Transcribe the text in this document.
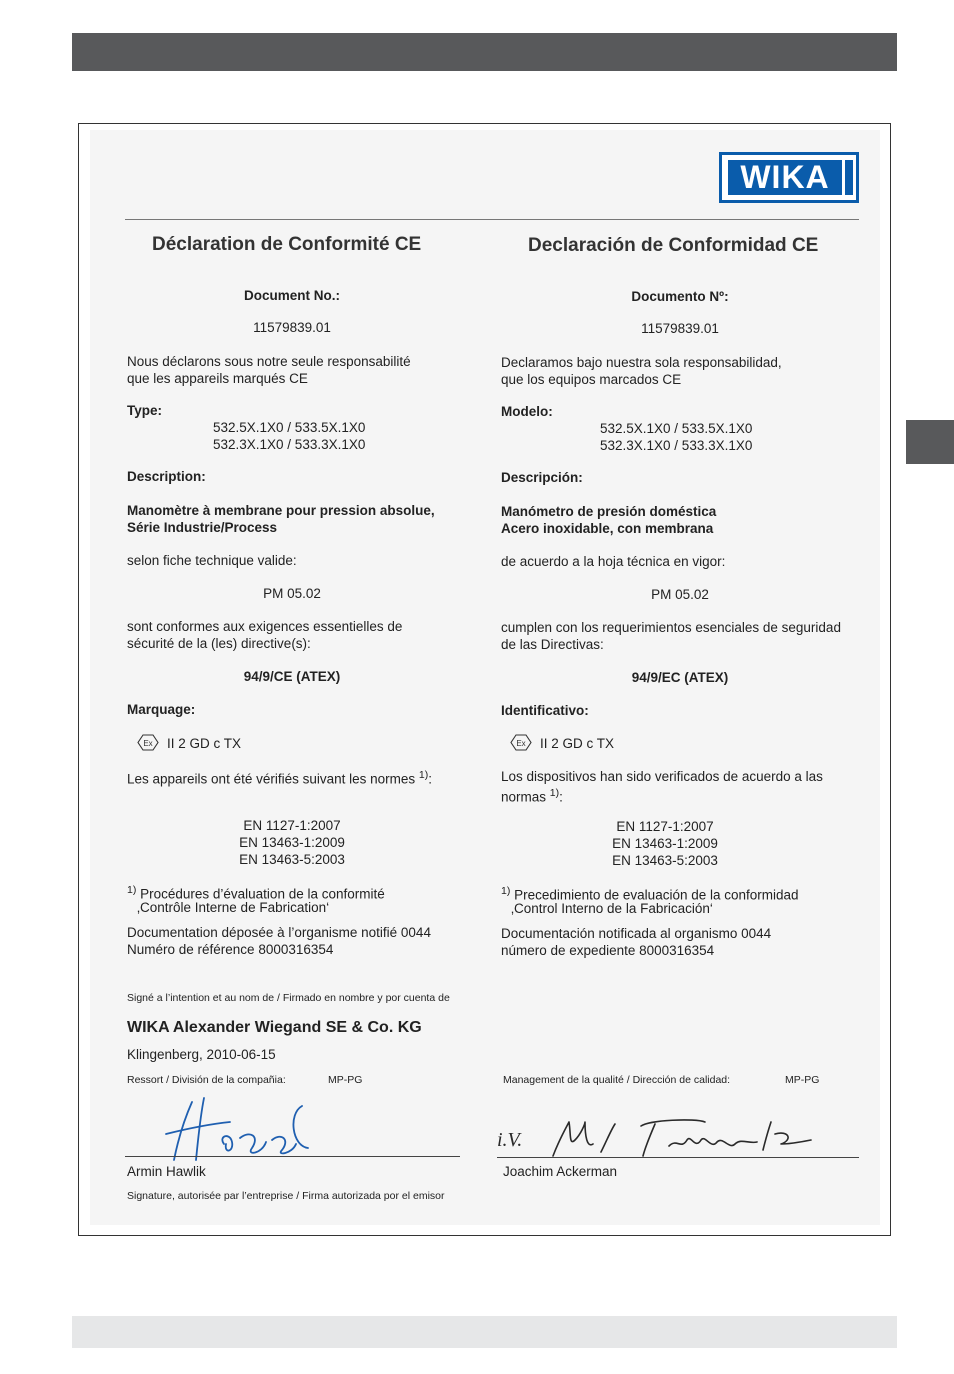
WIKA
Déclaration de Conformité CE
Document No.:
11579839.01
Nous déclarons sous notre seule responsabilité
que les appareils marqués CE
Type:
532.5X.1X0 / 533.5X.1X0
532.3X.1X0 / 533.3X.1X0
Description:
Manomètre à membrane pour pression absolue,
Série Industrie/Process
selon fiche technique valide:
PM 05.02
sont conformes aux exigences essentielles de
sécurité de la (les) directive(s):
94/9/CE (ATEX)
Marquage:
Ex II 2 GD c TX
Les appareils ont été vérifiés suivant les normes $^{1)}$:
EN 1127-1:2007
EN 13463-1:2009
EN 13463-5:2003
$^{1)}$ Procédures d’évaluation de la conformité
‚Contrôle Interne de Fabrication‘
Documentation déposée à l’organisme notifié 0044
Numéro de référence 8000316354
Declaración de Conformidad CE
Documento Nº:
11579839.01
Declaramos bajo nuestra sola responsabilidad,
que los equipos marcados CE
Modelo:
532.5X.1X0 / 533.5X.1X0
532.3X.1X0 / 533.3X.1X0
Descripción:
Manómetro de presión doméstica
Acero inoxidable, con membrana
de acuerdo a la hoja técnica en vigor:
PM 05.02
cumplen con los requerimientos esenciales de seguridad
de las Directivas:
94/9/EC (ATEX)
Identificativo:
Ex II 2 GD c TX
Los dispositivos han sido verificados de acuerdo a las
normas $^{1)}$:
EN 1127-1:2007
EN 13463-1:2009
EN 13463-5:2003
$^{1)}$ Precedimiento de evaluación de la conformidad
‚Control Interno de la Fabricación‘
Documentación notificada al organismo 0044
número de expediente 8000316354
Signé a l’intention et au nom de / Firmado en nombre y por cuenta de
WIKA Alexander Wiegand SE & Co. KG
Klingenberg, 2010-06-15
Ressort / División de la compañia:	MP-PG	Management de la qualité / Dirección de calidad:	MP-PG
Armin Hawlik
i.V.
Joachim Ackerman
Signature, autorisée par l’entreprise / Firma autorizada por el emisor
